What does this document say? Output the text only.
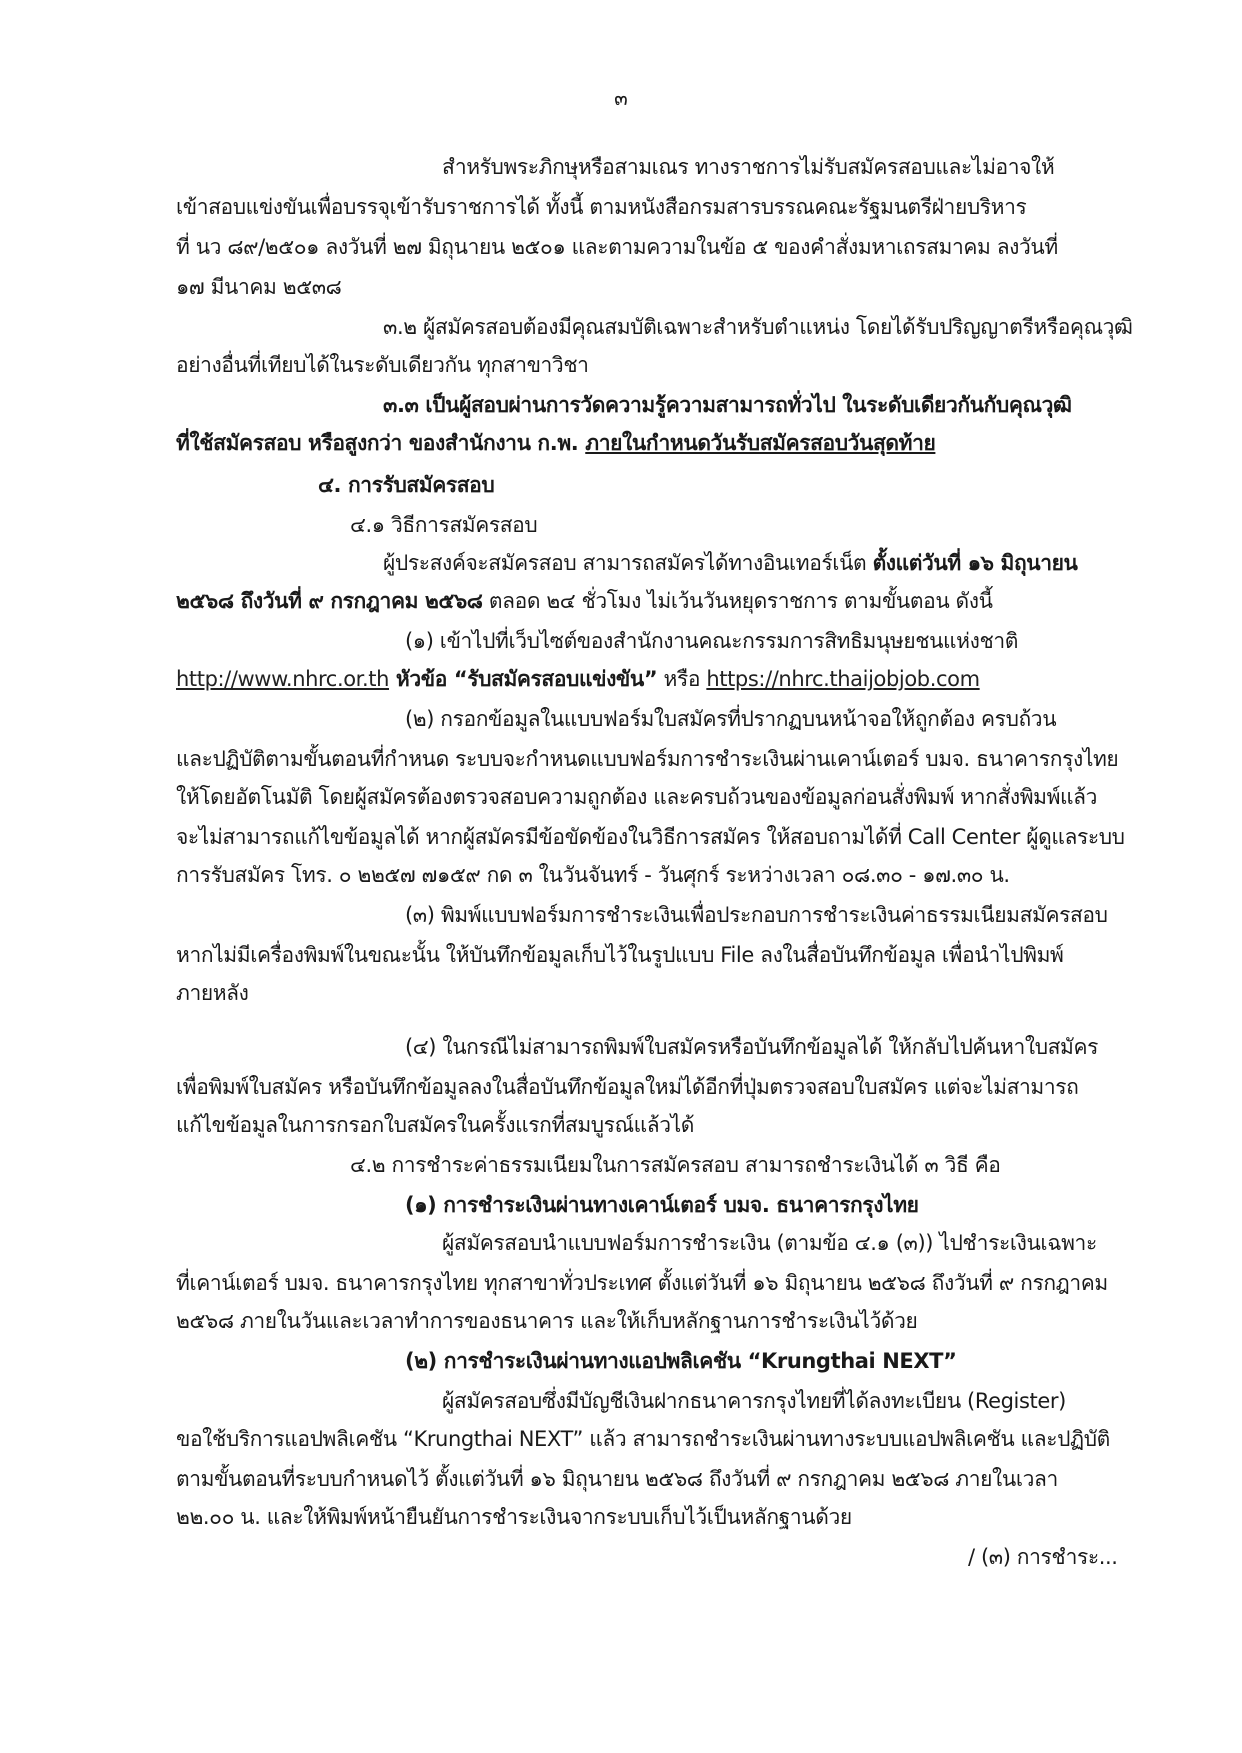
๓
สำหรับพระภิกษุหรือสามเณร ทางราชการไม่รับสมัครสอบและไม่อาจให้
เข้าสอบแข่งขันเพื่อบรรจุเข้ารับราชการได้ ทั้งนี้ ตามหนังสือกรมสารบรรณคณะรัฐมนตรีฝ่ายบริหาร
ที่ นว ๘๙/๒๕๐๑ ลงวันที่ ๒๗ มิถุนายน ๒๕๐๑ และตามความในข้อ ๕ ของคำสั่งมหาเถรสมาคม ลงวันที่
๑๗ มีนาคม ๒๕๓๘
๓.๒ ผู้สมัครสอบต้องมีคุณสมบัติเฉพาะสำหรับตำแหน่ง โดยได้รับปริญญาตรีหรือคุณวุฒิ
อย่างอื่นที่เทียบได้ในระดับเดียวกัน ทุกสาขาวิชา
๓.๓ เป็นผู้สอบผ่านการวัดความรู้ความสามารถทั่วไป ในระดับเดียวกันกับคุณวุฒิ
ที่ใช้สมัครสอบ หรือสูงกว่า ของสำนักงาน ก.พ. ภายในกำหนดวันรับสมัครสอบวันสุดท้าย
๔. การรับสมัครสอบ
๔.๑ วิธีการสมัครสอบ
ผู้ประสงค์จะสมัครสอบ สามารถสมัครได้ทางอินเทอร์เน็ต ตั้งแต่วันที่ ๑๖ มิถุนายน
๒๕๖๘ ถึงวันที่ ๙ กรกฎาคม ๒๕๖๘ ตลอด ๒๔ ชั่วโมง ไม่เว้นวันหยุดราชการ ตามขั้นตอน ดังนี้
(๑) เข้าไปที่เว็บไซต์ของสำนักงานคณะกรรมการสิทธิมนุษยชนแห่งชาติ
http://www.nhrc.or.th หัวข้อ “รับสมัครสอบแข่งขัน” หรือ https://nhrc.thaijobjob.com
(๒) กรอกข้อมูลในแบบฟอร์มใบสมัครที่ปรากฏบนหน้าจอให้ถูกต้อง ครบถ้วน
และปฏิบัติตามขั้นตอนที่กำหนด ระบบจะกำหนดแบบฟอร์มการชำระเงินผ่านเคาน์เตอร์ บมจ. ธนาคารกรุงไทย
ให้โดยอัตโนมัติ โดยผู้สมัครต้องตรวจสอบความถูกต้อง และครบถ้วนของข้อมูลก่อนสั่งพิมพ์ หากสั่งพิมพ์แล้ว
จะไม่สามารถแก้ไขข้อมูลได้ หากผู้สมัครมีข้อขัดข้องในวิธีการสมัคร ให้สอบถามได้ที่ Call Center ผู้ดูแลระบบ
การรับสมัคร โทร. ๐ ๒๒๕๗ ๗๑๕๙ กด ๓ ในวันจันทร์ - วันศุกร์ ระหว่างเวลา ๐๘.๓๐ - ๑๗.๓๐ น.
(๓) พิมพ์แบบฟอร์มการชำระเงินเพื่อประกอบการชำระเงินค่าธรรมเนียมสมัครสอบ
หากไม่มีเครื่องพิมพ์ในขณะนั้น ให้บันทึกข้อมูลเก็บไว้ในรูปแบบ File ลงในสื่อบันทึกข้อมูล เพื่อนำไปพิมพ์
ภายหลัง
(๔) ในกรณีไม่สามารถพิมพ์ใบสมัครหรือบันทึกข้อมูลได้ ให้กลับไปค้นหาใบสมัคร
เพื่อพิมพ์ใบสมัคร หรือบันทึกข้อมูลลงในสื่อบันทึกข้อมูลใหม่ได้อีกที่ปุ่มตรวจสอบใบสมัคร แต่จะไม่สามารถ
แก้ไขข้อมูลในการกรอกใบสมัครในครั้งแรกที่สมบูรณ์แล้วได้
๔.๒ การชำระค่าธรรมเนียมในการสมัครสอบ สามารถชำระเงินได้ ๓ วิธี คือ
(๑) การชำระเงินผ่านทางเคาน์เตอร์ บมจ. ธนาคารกรุงไทย
ผู้สมัครสอบนำแบบฟอร์มการชำระเงิน (ตามข้อ ๔.๑ (๓)) ไปชำระเงินเฉพาะ
ที่เคาน์เตอร์ บมจ. ธนาคารกรุงไทย ทุกสาขาทั่วประเทศ ตั้งแต่วันที่ ๑๖ มิถุนายน ๒๕๖๘ ถึงวันที่ ๙ กรกฎาคม
๒๕๖๘ ภายในวันและเวลาทำการของธนาคาร และให้เก็บหลักฐานการชำระเงินไว้ด้วย
(๒) การชำระเงินผ่านทางแอปพลิเคชัน “Krungthai NEXT”
ผู้สมัครสอบซึ่งมีบัญชีเงินฝากธนาคารกรุงไทยที่ได้ลงทะเบียน (Register)
ขอใช้บริการแอปพลิเคชัน “Krungthai NEXT” แล้ว สามารถชำระเงินผ่านทางระบบแอปพลิเคชัน และปฏิบัติ
ตามขั้นตอนที่ระบบกำหนดไว้ ตั้งแต่วันที่ ๑๖ มิถุนายน ๒๕๖๘ ถึงวันที่ ๙ กรกฎาคม ๒๕๖๘ ภายในเวลา
๒๒.๐๐ น. และให้พิมพ์หน้ายืนยันการชำระเงินจากระบบเก็บไว้เป็นหลักฐานด้วย
/ (๓) การชำระ...
